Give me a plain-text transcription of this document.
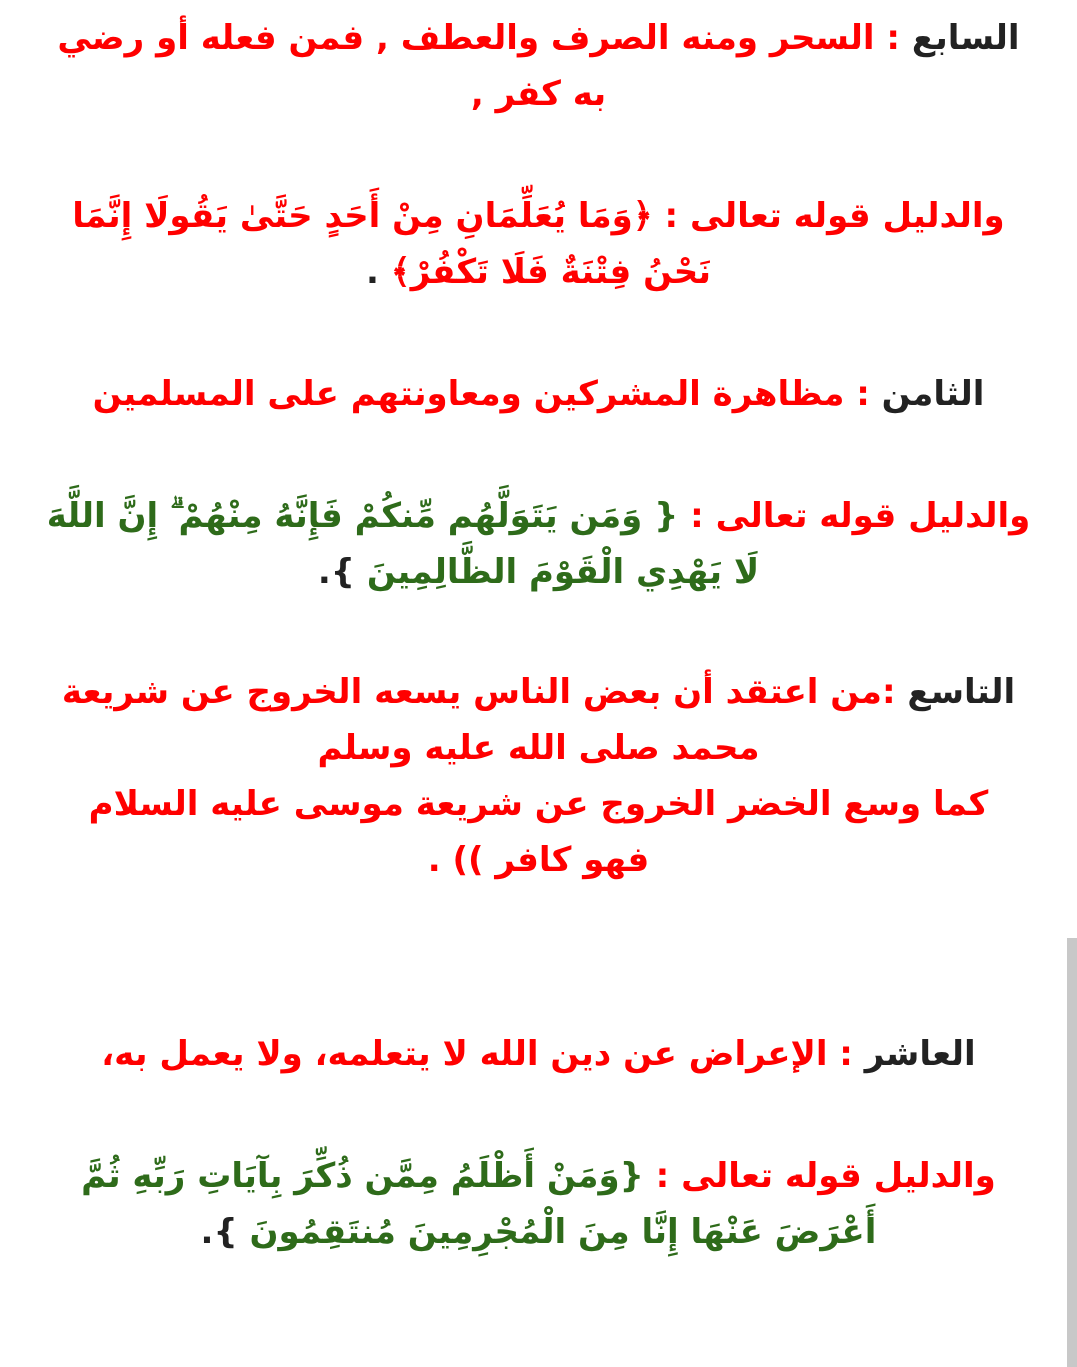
السابع : السحر ومنه الصرف والعطف , فمن فعله أو رضي
به كفر ,
والدليل قوله تعالى : ﴿وَمَا يُعَلِّمَانِ مِنْ أَحَدٍ حَتَّىٰ يَقُولَا إِنَّمَا
نَحْنُ فِتْنَةٌ فَلَا تَكْفُرْ﴾ .
الثامن : مظاهرة المشركين ومعاونتهم على المسلمين
والدليل قوله تعالى : { وَمَن يَتَوَلَّهُم مِّنكُمْ فَإِنَّهُ مِنْهُمْ ۗ إِنَّ اللَّهَ
لَا يَهْدِي الْقَوْمَ الظَّالِمِينَ }.
التاسع :من اعتقد أن بعض الناس يسعه الخروج عن شريعة
محمد صلى الله عليه وسلم
كما وسع الخضر الخروج عن شريعة موسى عليه السلام
فهو كافر )) .
العاشر : الإعراض عن دين الله لا يتعلمه، ولا يعمل به،
والدليل قوله تعالى : {وَمَنْ أَظْلَمُ مِمَّن ذُكِّرَ بِآيَاتِ رَبِّهِ ثُمَّ
أَعْرَضَ عَنْهَا إِنَّا مِنَ الْمُجْرِمِينَ مُنتَقِمُونَ }.
